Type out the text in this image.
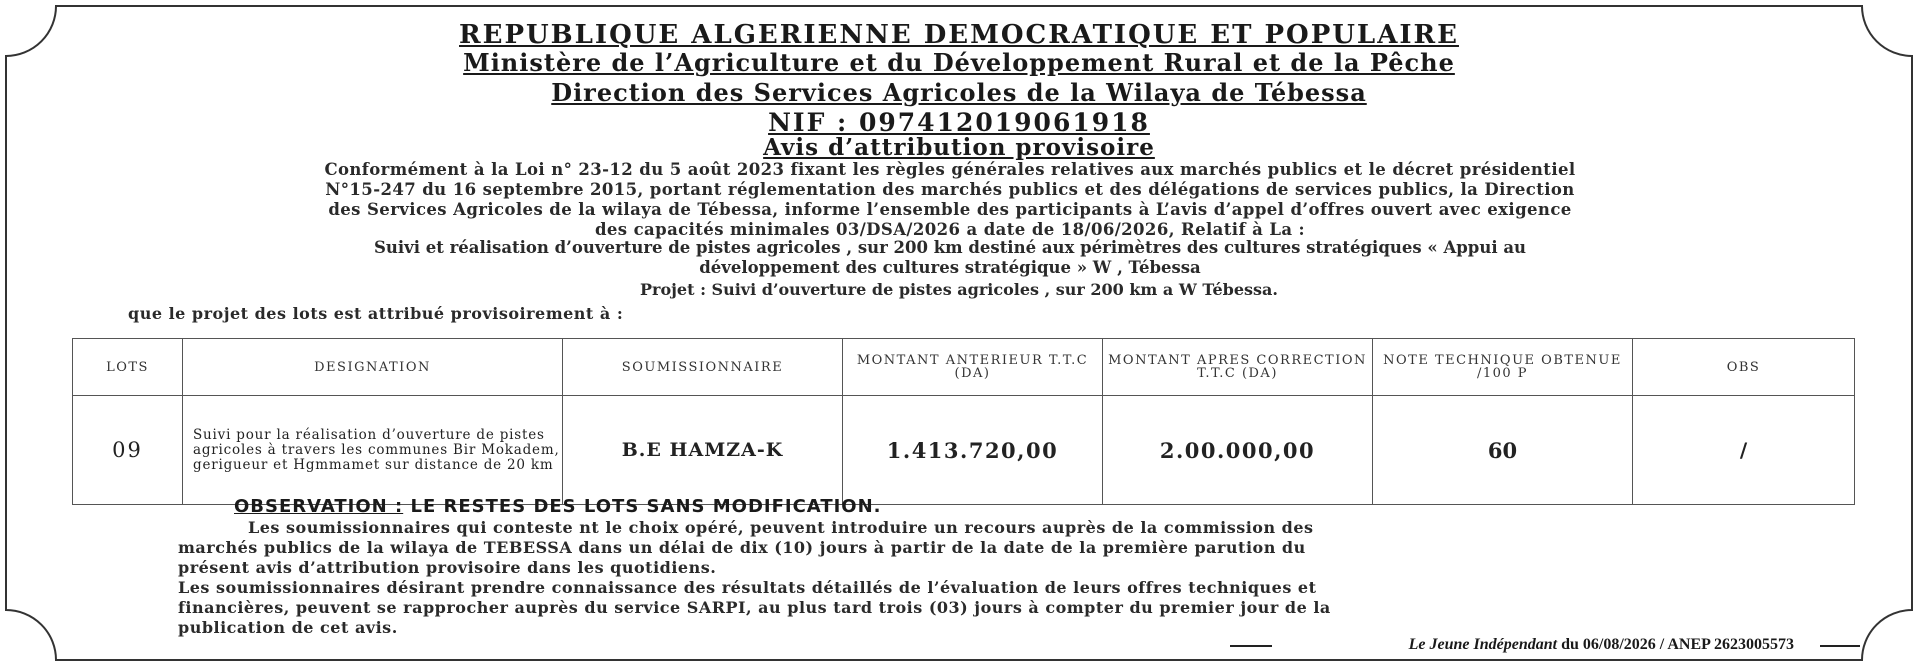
REPUBLIQUE ALGERIENNE DEMOCRATIQUE ET POPULAIRE
Ministère de l’Agriculture et du Développement Rural et de la Pêche
Direction des Services Agricoles de la Wilaya de Tébessa
NIF : 097412019061918
Avis d’attribution provisoire

Conformément à la Loi n° 23-12 du 5 août 2023 fixant les règles générales relatives aux marchés publics et le décret présidentiel

N°15-247 du 16 septembre 2015, portant réglementation des marchés publics et des délégations de services publics, la Direction

des Services Agricoles de la wilaya de Tébessa, informe l’ensemble des participants à L’avis d’appel d’offres ouvert avec exigence

des capacités minimales 03/DSA/2026 a date de 18/06/2026, Relatif à La :

Suivi et réalisation d’ouverture de pistes agricoles , sur 200 km destiné aux périmètres des cultures stratégiques « Appui au
développement des cultures stratégique » W , Tébessa
Projet : Suivi d’ouverture de pistes agricoles , sur 200 km a W Tébessa.
que le projet des lots est attribué provisoirement à :
LOTS	DESIGNATION	SOUMISSIONNAIRE	MONTANT ANTERIEUR T.T.C (DA)	MONTANT APRES CORRECTION T.T.C (DA)	NOTE TECHNIQUE OBTENUE /100 P	OBS
09	Suivi pour la réalisation d’ouverture de pistes agricoles à travers les communes Bir Mokadem, gerigueur et Hgmmamet sur distance de 20 km	B.E HAMZA-K	1.413.720,00	2.00.000,00	60	/
OBSERVATION : LE RESTES DES LOTS SANS MODIFICATION.
Les soumissionnaires qui conteste nt le choix opéré, peuvent introduire un recours auprès de la commission des
marchés publics de la wilaya de TEBESSA dans un délai de dix (10) jours à partir de la date de la première parution du
présent avis d’attribution provisoire dans les quotidiens.
Les soumissionnaires désirant prendre connaissance des résultats détaillés de l’évaluation de leurs offres techniques et
financières, peuvent se rapprocher auprès du service SARPI, au plus tard trois (03) jours à compter du premier jour de la
publication de cet avis.
Le Jeune Indépendant du 06/08/2026 / ANEP 2623005573
